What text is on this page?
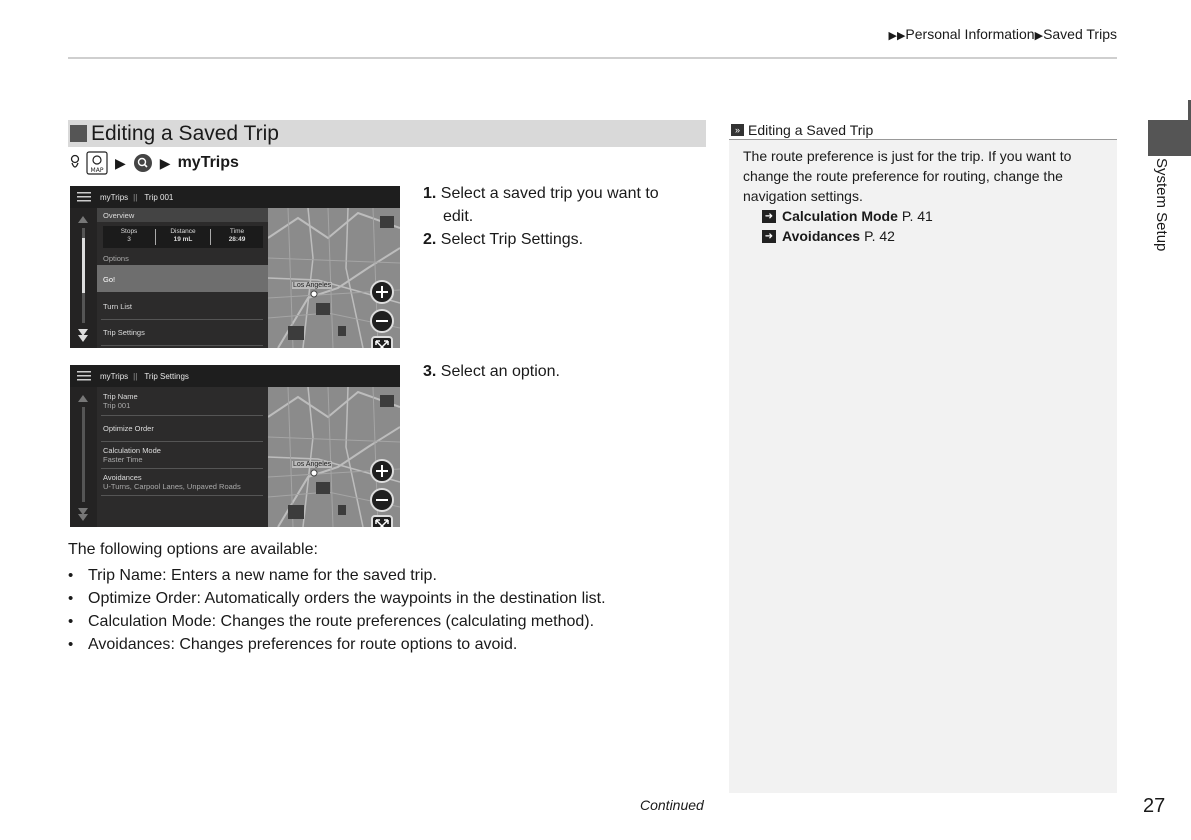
▶▶Personal Information▶Saved Trips
Editing a Saved Trip
MAP ▶ ▶ myTrips
myTrips || Trip 001
Overview
Stops
3
Distance
19 mL
Time
28:49
Options
Go!
Turn List
Trip Settings
Los Angeles
myTrips || Trip Settings
Trip Name
Trip 001
Optimize Order
Calculation Mode
Faster Time
Avoidances
U-Turns, Carpool Lanes, Unpaved Roads
Los Angeles
1. Select a saved trip you want to
edit.
2. Select Trip Settings.
3. Select an option.
The following options are available:
• Trip Name: Enters a new name for the saved trip.
• Optimize Order: Automatically orders the waypoints in the destination list.
• Calculation Mode: Changes the route preferences (calculating method).
• Avoidances: Changes preferences for route options to avoid.
» Editing a Saved Trip
The route preference is just for the trip. If you want to change the route preference for routing, change the navigation settings.
➜ Calculation Mode P. 41
➜ Avoidances P. 42	System Setup
Continued	27
